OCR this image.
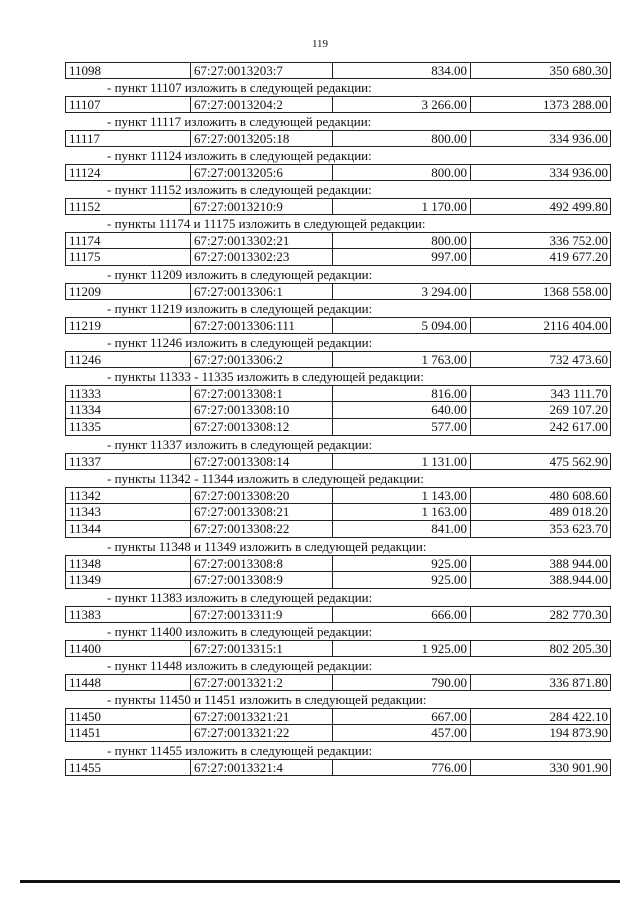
119
11098	67:27:0013203:7	834.00	350 680.30
- пункт 11107 изложить в следующей редакции:
11107	67:27:0013204:2	3 266.00	1373 288.00
- пункт 11117 изложить в следующей редакции:
11117	67:27:0013205:18	800.00	334 936.00
- пункт 11124 изложить в следующей редакции:
11124	67:27:0013205:6	800.00	334 936.00
- пункт 11152 изложить в следующей редакции:
11152	67:27:0013210:9	1 170.00	492 499.80
- пункты 11174 и 11175 изложить в следующей редакции:
11174	67:27:0013302:21	800.00	336 752.00
11175	67:27:0013302:23	997.00	419 677.20
- пункт 11209 изложить в следующей редакции:
11209	67:27:0013306:1	3 294.00	1368 558.00
- пункт 11219 изложить в следующей редакции:
11219	67:27:0013306:111	5 094.00	2116 404.00
- пункт 11246 изложить в следующей редакции:
11246	67:27:0013306:2	1 763.00	732 473.60
- пункты 11333 - 11335 изложить в следующей редакции:
11333	67:27:0013308:1	816.00	343 111.70
11334	67:27:0013308:10	640.00	269 107.20
11335	67:27:0013308:12	577.00	242 617.00
- пункт 11337 изложить в следующей редакции:
11337	67:27:0013308:14	1 131.00	475 562.90
- пункты 11342 - 11344 изложить в следующей редакции:
11342	67:27:0013308:20	1 143.00	480 608.60
11343	67:27:0013308:21	1 163.00	489 018.20
11344	67:27:0013308:22	841.00	353 623.70
- пункты 11348 и 11349 изложить в следующей редакции:
11348	67:27:0013308:8	925.00	388 944.00
11349	67:27:0013308:9	925.00	388.944.00
- пункт 11383 изложить в следующей редакции:
11383	67:27:0013311:9	666.00	282 770.30
- пункт 11400 изложить в следующей редакции:
11400	67:27:0013315:1	1 925.00	802 205.30
- пункт 11448 изложить в следующей редакции:
11448	67:27:0013321:2	790.00	336 871.80
- пункты 11450 и 11451 изложить в следующей редакции:
11450	67:27:0013321:21	667.00	284 422.10
11451	67:27:0013321:22	457.00	194 873.90
- пункт 11455 изложить в следующей редакции:
11455	67:27:0013321:4	776.00	330 901.90
